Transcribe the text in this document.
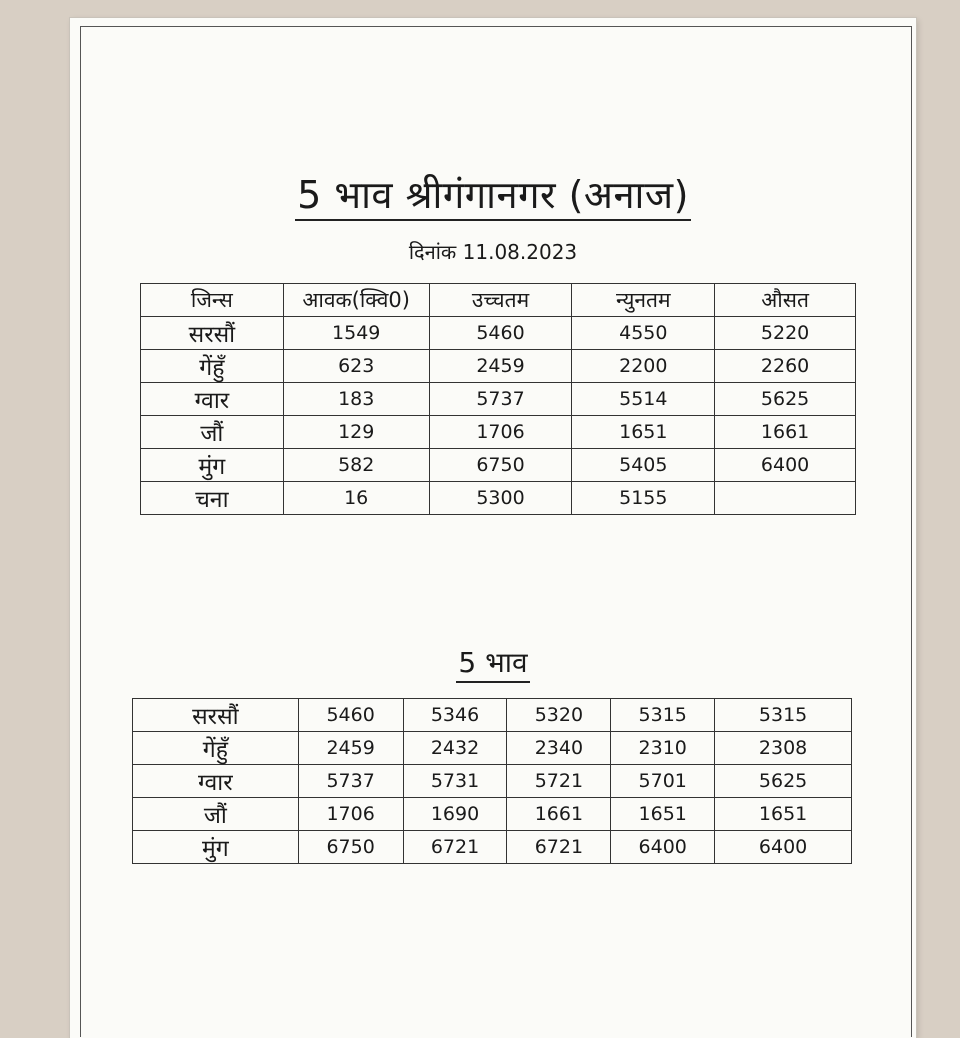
5 भाव श्रीगंगानगर (अनाज)
दिनांक 11.08.2023
जिन्स	आवक(क्वि0)	उच्चतम	न्युनतम	औसत
सरसौं	1549	5460	4550	5220
गेंहुँ	623	2459	2200	2260
ग्वार	183	5737	5514	5625
जौं	129	1706	1651	1661
मुंग	582	6750	5405	6400
चना	16	5300	5155	
5 भाव
सरसौं	5460	5346	5320	5315	5315
गेंहुँ	2459	2432	2340	2310	2308
ग्वार	5737	5731	5721	5701	5625
जौं	1706	1690	1661	1651	1651
मुंग	6750	6721	6721	6400	6400
